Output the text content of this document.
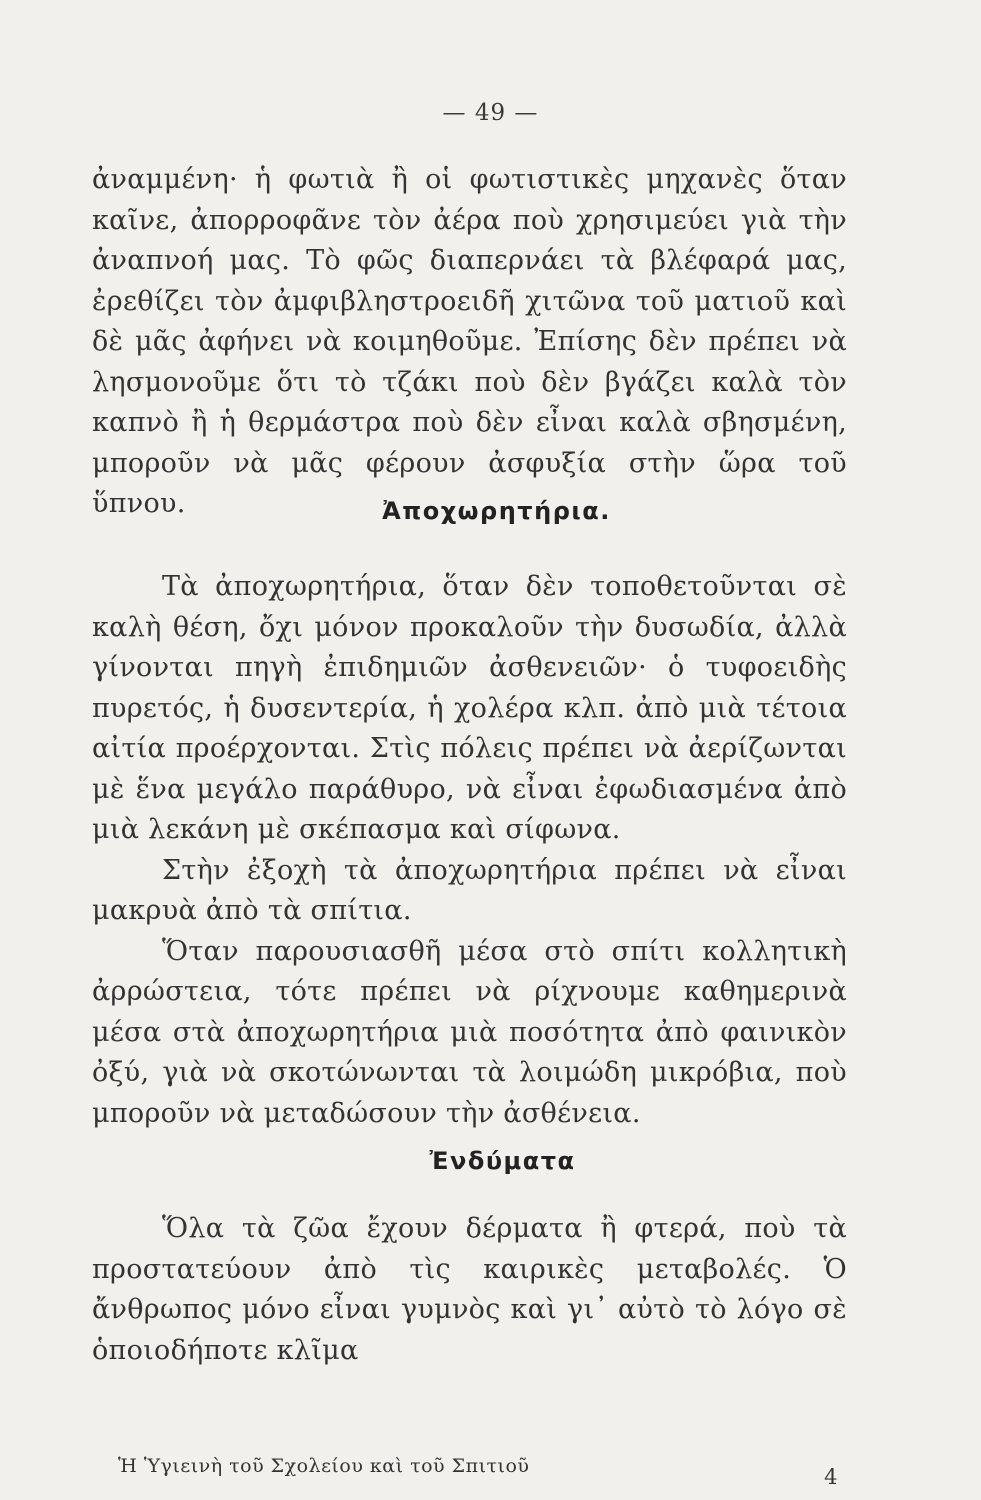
— 49 —

ἀναμμένη· ἡ φωτιὰ ἢ οἱ φωτιστικὲς μηχανὲς ὅταν καῖνε, ἀπορροφᾶνε τὸν ἀέρα ποὺ χρησιμεύει γιὰ τὴν ἀναπνοή μας. Τὸ φῶς διαπερνάει τὰ βλέφαρά μας, ἐρεθίζει τὸν ἀμφιβληστροειδῆ χιτῶνα τοῦ ματιοῦ καὶ δὲ μᾶς ἀφήνει νὰ κοιμηθοῦμε. Ἐπίσης δὲν πρέπει νὰ λησμονοῦμε ὅτι τὸ τζάκι ποὺ δὲν βγάζει καλὰ τὸν καπνὸ ἢ ἡ θερμάστρα ποὺ δὲν εἶναι καλὰ σβησμένη, μποροῦν νὰ μᾶς φέρουν ἀσφυξία στὴν ὥρα τοῦ ὕπνου.	Ἀποχωρητήρια.

Τὰ ἀποχωρητήρια, ὅταν δὲν τοποθετοῦνται σὲ καλὴ θέση, ὄχι μόνον προκαλοῦν τὴν δυσωδία, ἀλλὰ γίνονται πηγὴ ἐπιδημιῶν ἀσθενειῶν· ὁ τυφοειδὴς πυρετός, ἡ δυσεντερία, ἡ χολέρα κλπ. ἀπὸ μιὰ τέτοια αἰτία προέρχονται. Στὶς πόλεις πρέπει νὰ ἀερίζωνται μὲ ἕνα μεγάλο παράθυρο, νὰ εἶναι ἐφωδιασμένα ἀπὸ μιὰ λεκάνη μὲ σκέπασμα καὶ σίφωνα.

Στὴν ἐξοχὴ τὰ ἀποχωρητήρια πρέπει νὰ εἶναι μακρυὰ ἀπὸ τὰ σπίτια.

Ὅταν παρουσιασθῆ μέσα στὸ σπίτι κολλητικὴ ἀρρώστεια, τότε πρέπει νὰ ρίχνουμε καθημερινὰ μέσα στὰ ἀποχωρητήρια μιὰ ποσότητα ἀπὸ φαινικὸν ὀξύ, γιὰ νὰ σκοτώνωνται τὰ λοιμώδη μικρόβια, ποὺ μποροῦν νὰ μεταδώσουν τὴν ἀσθένεια.

Ἐνδύματα

Ὅλα τὰ ζῶα ἔχουν δέρματα ἢ φτερά, ποὺ τὰ προστατεύουν ἀπὸ τὶς καιρικὲς μεταβολές. Ὁ ἄνθρωπος μόνο εἶναι γυμνὸς καὶ γι᾿ αὐτὸ τὸ λόγο σὲ ὁποιοδήποτε κλῖμα

Ἡ Ὑγιεινὴ τοῦ Σχολείου καὶ τοῦ Σπιτιοῦ	4
